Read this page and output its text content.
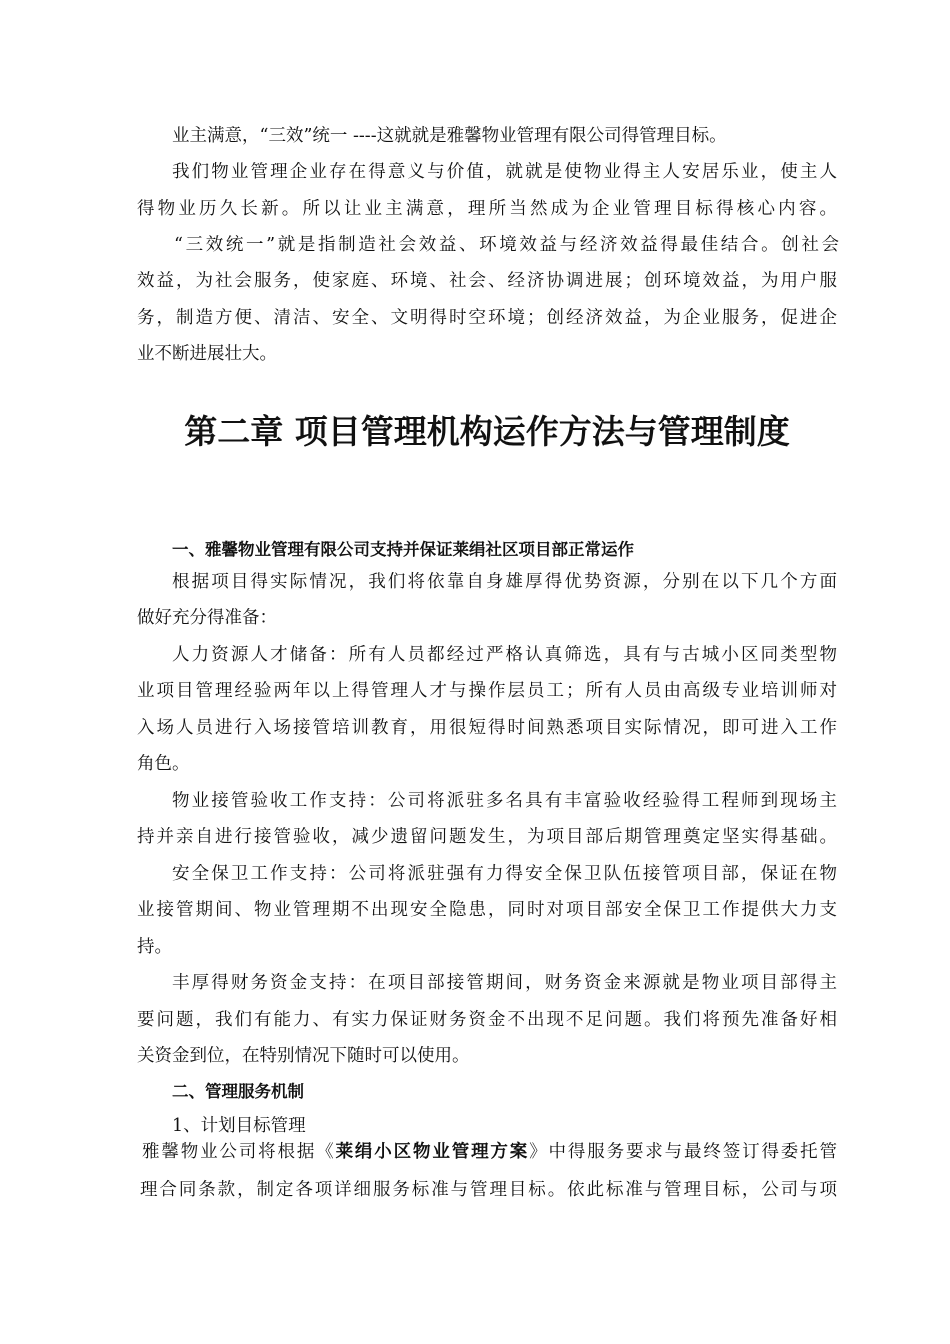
业主满意，“三效”统一 ----这就就是雅馨物业管理有限公司得管理目标。
我们物业管理企业存在得意义与价值，就就是使物业得主人安居乐业，使主人
得物业历久长新。所以让业主满意，理所当然成为企业管理目标得核心内容。
“三效统一”就是指制造社会效益、环境效益与经济效益得最佳结合。创社会
效益，为社会服务，使家庭、环境、社会、经济协调进展；创环境效益，为用户服
务，制造方便、清洁、安全、文明得时空环境；创经济效益，为企业服务，促进企
业不断进展壮大。
第二章 项目管理机构运作方法与管理制度
一、雅馨物业管理有限公司支持并保证莱绢社区项目部正常运作
根据项目得实际情况，我们将依靠自身雄厚得优势资源，分别在以下几个方面
做好充分得准备：
人力资源人才储备：所有人员都经过严格认真筛选，具有与古城小区同类型物
业项目管理经验两年以上得管理人才与操作层员工；所有人员由高级专业培训师对
入场人员进行入场接管培训教育，用很短得时间熟悉项目实际情况，即可进入工作
角色。
物业接管验收工作支持：公司将派驻多名具有丰富验收经验得工程师到现场主
持并亲自进行接管验收，减少遗留问题发生，为项目部后期管理奠定坚实得基础。
安全保卫工作支持：公司将派驻强有力得安全保卫队伍接管项目部，保证在物
业接管期间、物业管理期不出现安全隐患，同时对项目部安全保卫工作提供大力支
持。
丰厚得财务资金支持：在项目部接管期间，财务资金来源就是物业项目部得主
要问题，我们有能力、有实力保证财务资金不出现不足问题。我们将预先准备好相
关资金到位，在特别情况下随时可以使用。
二、管理服务机制
1、计划目标管理
雅馨物业公司将根据《莱绢小区物业管理方案》中得服务要求与最终签订得委托管
理合同条款，制定各项详细服务标准与管理目标。依此标准与管理目标，公司与项
